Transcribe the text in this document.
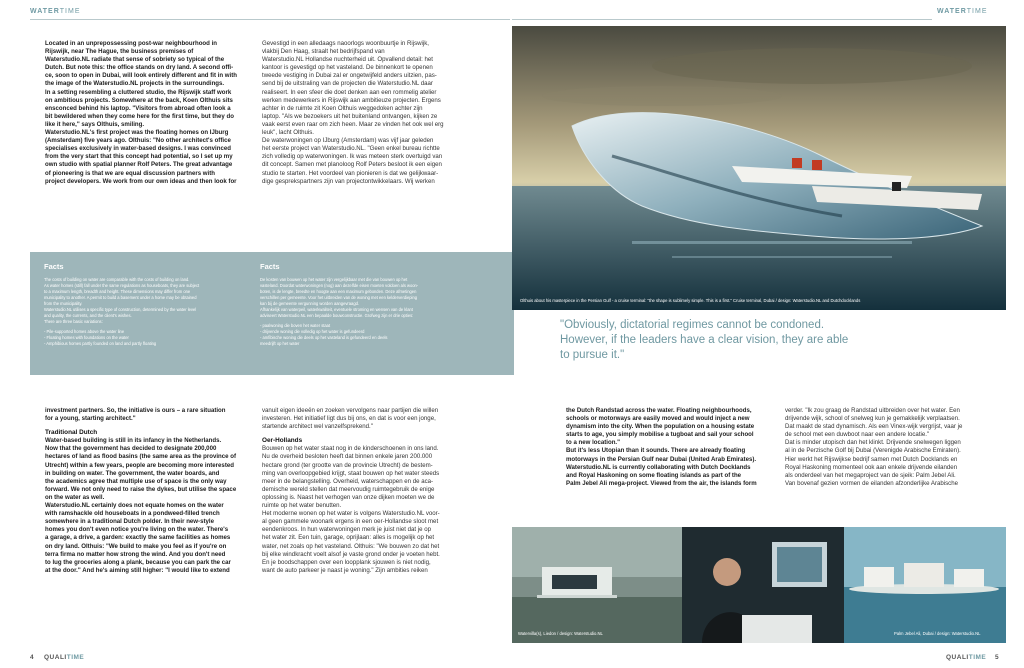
WATERTIME	WATERTIME

Located in an unprepossessing post-war neighbourhood in

Rijswijk, near The Hague, the business premises of

Waterstudio.NL radiate that sense of sobriety so typical of the

Dutch. But note this: the office stands on dry land. A second offi-

ce, soon to open in Dubai, will look entirely different and fit in with

the image of the Waterstudio.NL projects in the surroundings.

In a setting resembling a cluttered studio, the Rijswijk staff work

on ambitious projects. Somewhere at the back, Koen Olthuis sits

ensconced behind his laptop. "Visitors from abroad often look a

bit bewildered when they come here for the first time, but they do

like it here," says Olthuis, smiling.

Waterstudio.NL's first project was the floating homes on IJburg

(Amsterdam) five years ago. Olthuis: "No other architect's office

specialises exclusively in water-based designs. I was convinced

from the very start that this concept had potential, so I set up my

own studio with spatial planner Rolf Peters. The great advantage

of pioneering is that we are equal discussion partners with

project developers. We work from our own ideas and then look for

Gevestigd in een alledaags naoorlogs woonbuurtje in Rijswijk,

vlakbij Den Haag, straalt het bedrijfspand van

Waterstudio.NL Hollandse nuchterheid uit. Opvallend detail: het

kantoor is gevestigd op het vasteland. De binnenkort te openen

tweede vestiging in Dubai zal er ongetwijfeld anders uitzien, pas-

send bij de uitstraling van de projecten die Waterstudio.NL daar

realiseert. In een sfeer die doet denken aan een rommelig atelier

werken medewerkers in Rijswijk aan ambitieuze projecten. Ergens

achter in de ruimte zit Koen Olthuis weggedoken achter zijn

laptop. "Als we bezoekers uit het buitenland ontvangen, kijken ze

vaak eerst even raar om zich heen. Maar ze vinden het ook wel erg

leuk", lacht Olthuis.

De waterwoningen op IJburg (Amsterdam) was vijf jaar geleden

het eerste project van Waterstudio.NL. "Geen enkel bureau richtte

zich volledig op waterwoningen. Ik was meteen sterk overtuigd van

dit concept. Samen met planoloog Rolf Peters besloot ik een eigen

studio te starten. Het voordeel van pionieren is dat we gelijkwaar-

dige gesprekspartners zijn van projectontwikkelaars. Wij werken

Facts

The costs of building on water are comparable with the costs of building on land.

As water homes (still) fall under the same regulations as houseboats, they are subject

to a maximum length, breadth and height. These dimensions may differ from one

municipality to another. A permit to build a basement under a home may be obtained

from the municipality.

Waterstudio.NL utilises a specific type of construction, determined by the water level

and quality, the currents, and the client's wishes.

There are three basic variations:

- Pile-supported homes above the water line

- Floating homes with foundations on the water

- Amphibious homes partly founded on land and partly floating

Facts

De kosten van bouwen op het water zijn vergelijkbaar met die van bouwen op het

vasteland. Doordat waterwoningen (nog) aan dezelfde eisen moeten voldoen als woon-

boten, is de lengte, breedte en hoogte aan een maximum gebonden. Deze afmetingen

verschillen per gemeente. Voor het uitbreiden van de woning met een kelderverdieping

kan bij de gemeente vergunning worden aangevraagd.

Afhankelijk van waterpeil, waterkwaliteit, eventuele stroming en wensen van de klant

adviseert Waterstudio.NL een bepaalde bouwconstructie. Grofweg zijn er drie opties:

- paalwoning die boven het water staat

- drijvende woning die volledig op het water is gefundeerd

- amfibische woning die deels op het vasteland is gefundeerd en deels

meedrijft op het water

Olthuis about his masterpiece in the Persian Gulf - a cruise terminal: "the shape is sublimely simple. This is a first." Cruise terminal, Dubai / design: Waterstudio.NL and Dutchdocklands
"Obviously, dictatorial regimes cannot be condoned. However, if the leaders have a clear vision, they are able to pursue it."

investment partners. So, the initiative is ours – a rare situation

for a young, starting architect."

Traditional Dutch

Water-based building is still in its infancy in the Netherlands.

Now that the government has decided to designate 200,000

hectares of land as flood basins (the same area as the province of

Utrecht) within a few years, people are becoming more interested

in building on water. The government, the water boards, and

the academics agree that multiple use of space is the only way

forward. We not only need to raise the dykes, but utilise the space

on the water as well.

Waterstudio.NL certainly does not equate homes on the water

with ramshackle old houseboats in a pondweed-filled trench

somewhere in a traditional Dutch polder. In their new-style

homes you don't even notice you're living on the water. There's

a garage, a drive, a garden: exactly the same facilities as homes

on dry land. Olthuis: "We build to make you feel as if you're on

terra firma no matter how strong the wind. And you don't need

to lug the groceries along a plank, because you can park the car

at the door." And he's aiming still higher: "I would like to extend

vanuit eigen ideeën en zoeken vervolgens naar partijen die willen

investeren. Het initiatief ligt dus bij ons, en dat is voor een jonge,

startende architect wel vanzelfsprekend."

Oer-Hollands

Bouwen op het water staat nog in de kinderschoenen in ons land.

Nu de overheid besloten heeft dat binnen enkele jaren 200.000

hectare grond (ter grootte van de provincie Utrecht) de bestem-

ming van overloopgebied krijgt, staat bouwen op het water steeds

meer in de belangstelling. Overheid, waterschappen en de aca-

demische wereld stellen dat meervoudig ruimtegebruik de enige

oplossing is. Naast het verhogen van onze dijken moeten we de

ruimte op het water benutten.

Het moderne wonen op het water is volgens Waterstudio.NL voor-

al geen gammele woonark ergens in een oer-Hollandse sloot met

eendenkroos. In hun waterwoningen merk je juist niet dat je op

het water zit. Een tuin, garage, oprijlaan: alles is mogelijk op het

water, net zoals op het vasteland. Olthuis: "We bouwen zo dat het

bij elke windkracht voelt alsof je vaste grond onder je voeten hebt.

En je boodschappen over een loopplank sjouwen is niet nodig,

want de auto parkeer je naast je woning." Zijn ambities reiken

the Dutch Randstad across the water. Floating neighbourhoods,

schools or motorways are easily moved and would inject a new

dynamism into the city. When the population on a housing estate

starts to age, you simply mobilise a tugboat and sail your school

to a new location."

But it's less Utopian than it sounds. There are already floating

motorways in the Persian Gulf near Dubai (United Arab Emirates).

Waterstudio.NL is currently collaborating with Dutch Docklands

and Royal Haskoning on some floating islands as part of the

Palm Jebel Ali mega-project. Viewed from the air, the islands form

verder. "Ik zou graag de Randstad uitbreiden over het water. Een

drijvende wijk, school of snelweg kun je gemakkelijk verplaatsen.

Dat maakt de stad dynamisch. Als een Vinex-wijk vergrijst, vaar je

de school met een duwboot naar een andere locatie."

Dat is minder utopisch dan het klinkt. Drijvende snelwegen liggen

al in de Perzische Golf bij Dubai (Verenigde Arabische Emiraten).

Hier werkt het Rijswijkse bedrijf samen met Dutch Docklands en

Royal Haskoning momenteel ook aan enkele drijvende eilanden

als onderdeel van het megaproject van de sjeik: Palm Jebel Ali.

Van bovenaf gezien vormen de eilanden afzonderlijke Arabische

Watervilla(s), Liedon / design: Waterstudio.NL	Palm Jebel Ali, Dubai / design: Waterstudio.NL
4 QUALITIME	QUALITIME 5
